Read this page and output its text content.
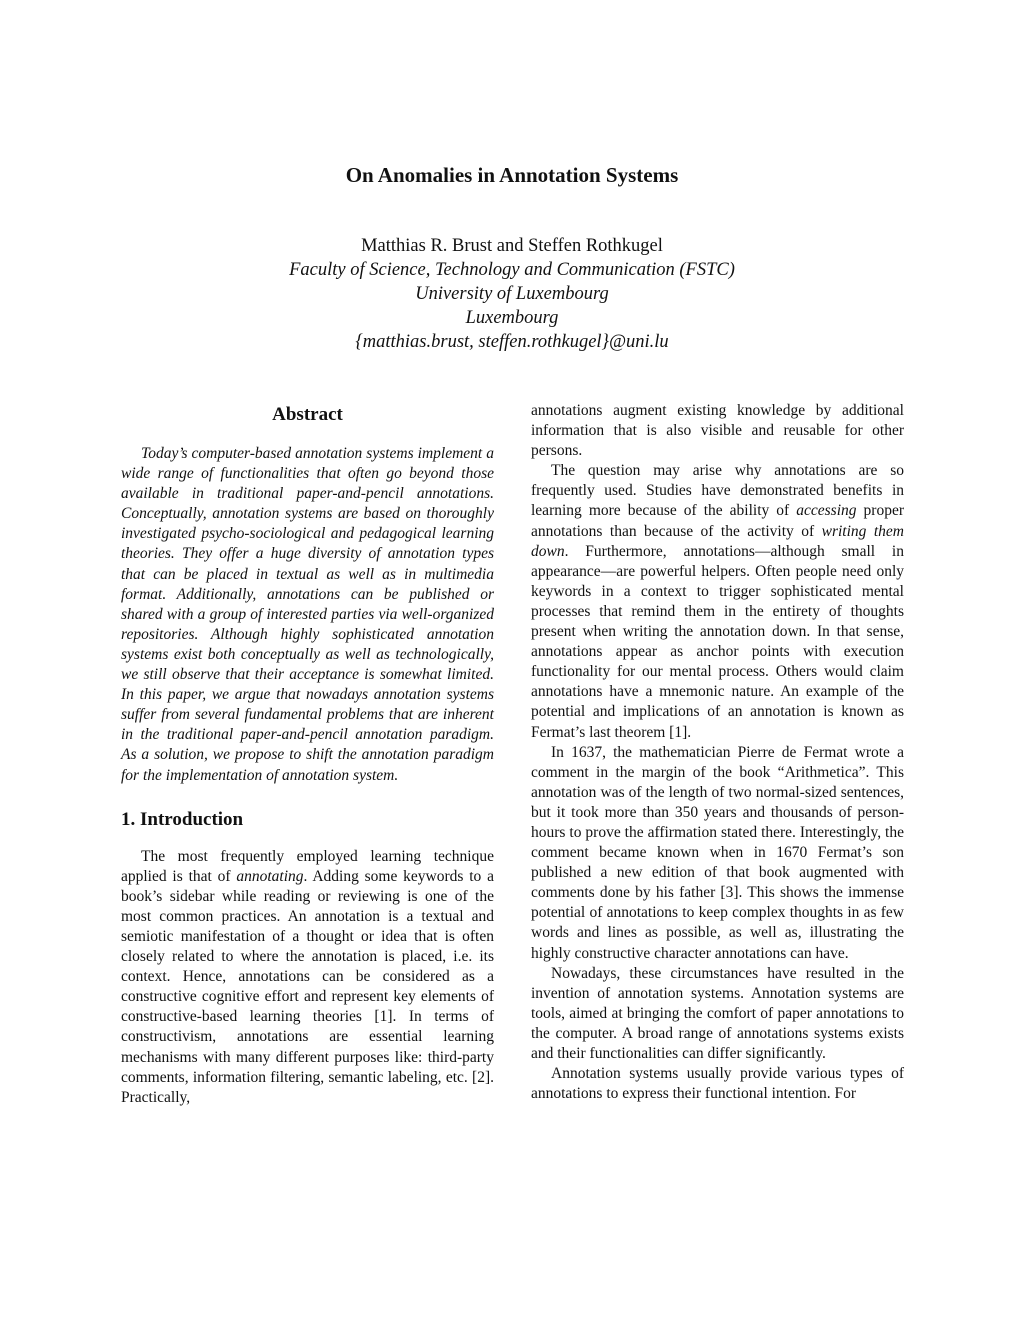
On Anomalies in Annotation Systems
Matthias R. Brust and Steffen Rothkugel
Faculty of Science, Technology and Communication (FSTC)
University of Luxembourg
Luxembourg
{matthias.brust, steffen.rothkugel}@uni.lu
Abstract

Today’s computer-based annotation systems implement a wide range of functionalities that often go beyond those available in traditional paper-and-pencil annotations. Conceptually, annotation systems are based on thoroughly investigated psycho-sociological and pedagogical learning theories. They offer a huge diversity of annotation types that can be placed in textual as well as in multimedia format. Additionally, annotations can be published or shared with a group of interested parties via well-organized repositories. Although highly sophisticated annotation systems exist both conceptually as well as technologically, we still observe that their acceptance is somewhat limited. In this paper, we argue that nowadays annotation systems suffer from several fundamental problems that are inherent in the traditional paper-and-pencil annotation paradigm. As a solution, we propose to shift the annotation paradigm for the implementation of annotation system.

1. Introduction

The most frequently employed learning technique applied is that of annotating. Adding some keywords to a book’s sidebar while reading or reviewing is one of the most common practices. An annotation is a textual and semiotic manifestation of a thought or idea that is often closely related to where the annotation is placed, i.e. its context. Hence, annotations can be considered as a constructive cognitive effort and represent key elements of constructive-based learning theories [1]. In terms of constructivism, annotations are essential learning mechanisms with many different purposes like: third-party comments, information filtering, semantic labeling, etc. [2]. Practically,

annotations augment existing knowledge by additional information that is also visible and reusable for other persons.

The question may arise why annotations are so frequently used. Studies have demonstrated benefits in learning more because of the ability of accessing proper annotations than because of the activity of writing them down. Furthermore, annotations—although small in appearance—are powerful helpers. Often people need only keywords in a context to trigger sophisticated mental processes that remind them in the entirety of thoughts present when writing the annotation down. In that sense, annotations appear as anchor points with execution functionality for our mental process. Others would claim annotations have a mnemonic nature. An example of the potential and implications of an annotation is known as Fermat’s last theorem [1].

In 1637, the mathematician Pierre de Fermat wrote a comment in the margin of the book “Arithmetica”. This annotation was of the length of two normal-sized sentences, but it took more than 350 years and thousands of person-hours to prove the affirmation stated there. Interestingly, the comment became known when in 1670 Fermat’s son published a new edition of that book augmented with comments done by his father [3]. This shows the immense potential of annotations to keep complex thoughts in as few words and lines as possible, as well as, illustrating the highly constructive character annotations can have.

Nowadays, these circumstances have resulted in the invention of annotation systems. Annotation systems are tools, aimed at bringing the comfort of paper annotations to the computer. A broad range of annotations systems exists and their functionalities can differ significantly.

Annotation systems usually provide various types of annotations to express their functional intention. For
